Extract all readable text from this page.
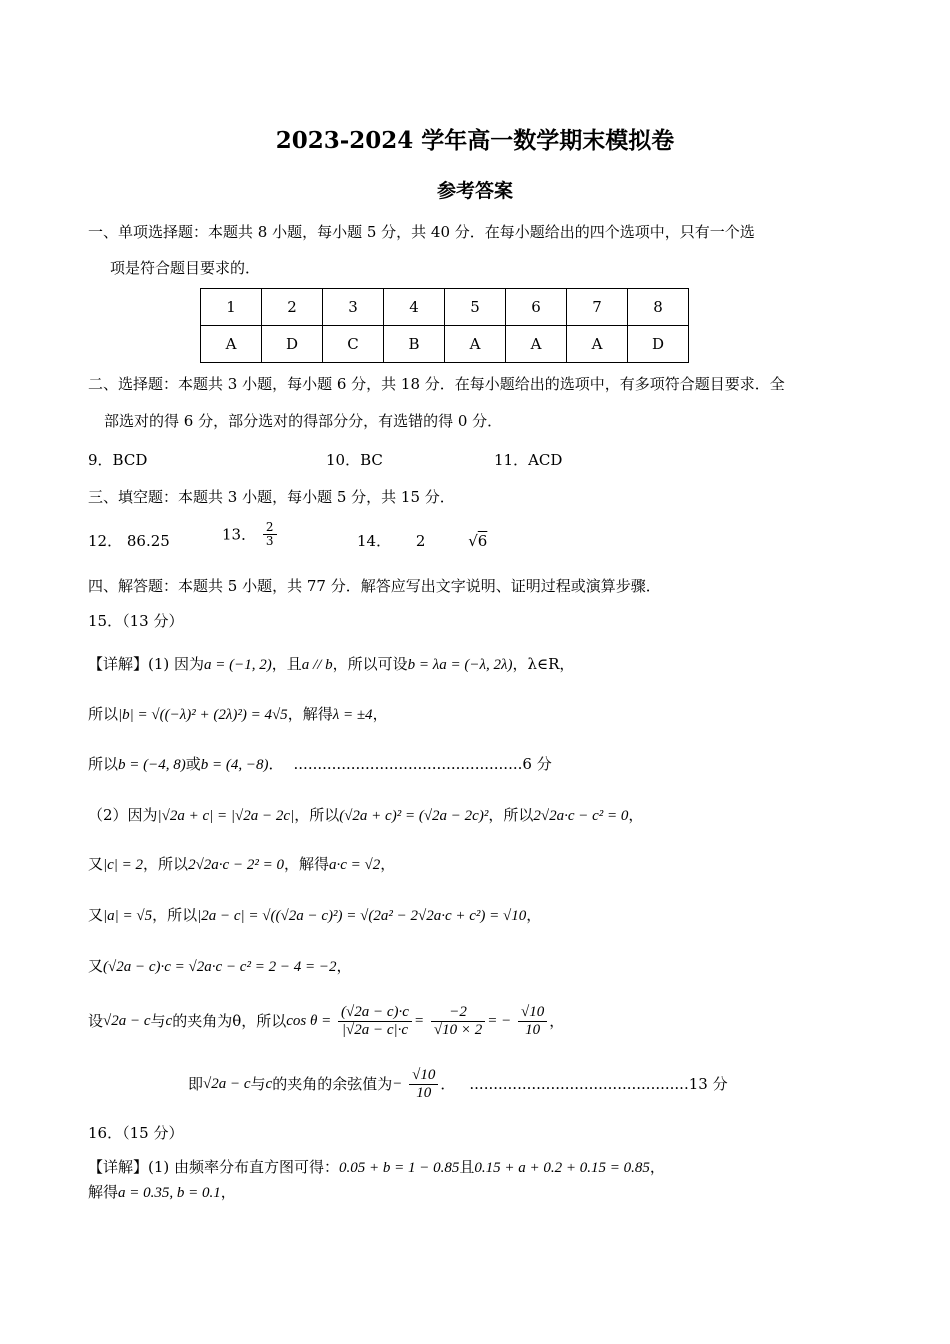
2023-2024 学年高一数学期末模拟卷
参考答案
一、单项选择题：本题共 8 小题，每小题 5 分，共 40 分．在每小题给出的四个选项中，只有一个选
项是符合题目要求的．
1	2	3	4	5	6	7	8
A	D	C	B	A	A	A	D
二、选择题：本题共 3 小题，每小题 6 分，共 18 分．在每小题给出的选项中，有多项符合题目要求．全
部选对的得 6 分，部分选对的得部分分，有选错的得 0 分．
9．BCD	10．BC	11．ACD
三、填空题：本题共 3 小题，每小题 5 分，共 15 分．
12． 86.25	13． $\frac{2}{3}$	14． 2	√6
四、解答题：本题共 5 小题，共 77 分．解答应写出文字说明、证明过程或演算步骤．
15．（13 分）
【详解】(1) 因为a = (−1, 2)，且a // b，所以可设b = λa = (−λ, 2λ)，λ∈R，
所以|b| = √((−λ)² + (2λ)²) = 4√5，解得λ = ±4，
所以b = (−4, 8)或b = (4, −8)． ................................................6 分
（2）因为|√2a + c| = |√2a − 2c|，所以(√2a + c)² = (√2a − 2c)²，所以2√2a·c − c² = 0，
又|c| = 2，所以2√2a·c − 2² = 0，解得a·c = √2，
又|a| = √5，所以|2a − c| = √((√2a − c)²) = √(2a² − 2√2a·c + c²) = √10，
又(√2a − c)·c = √2a·c − c² = 2 − 4 = −2，
设√2a − c与c的夹角为θ，所以$\cos \theta = \frac{(√2a - c)\cdot c}{|√2a - c|\cdot c} = \frac{-2}{√10 \times 2}$ = − $\frac{√10}{10}$ ，
即√2a − c与c的夹角的余弦值为− $\frac{√10}{10}$ ． ..............................................13 分
16．（15 分）
【详解】(1) 由频率分布直方图可得：0.05 + b = 1 − 0.85且0.15 + a + 0.2 + 0.15 = 0.85，
解得a = 0.35, b = 0.1，
